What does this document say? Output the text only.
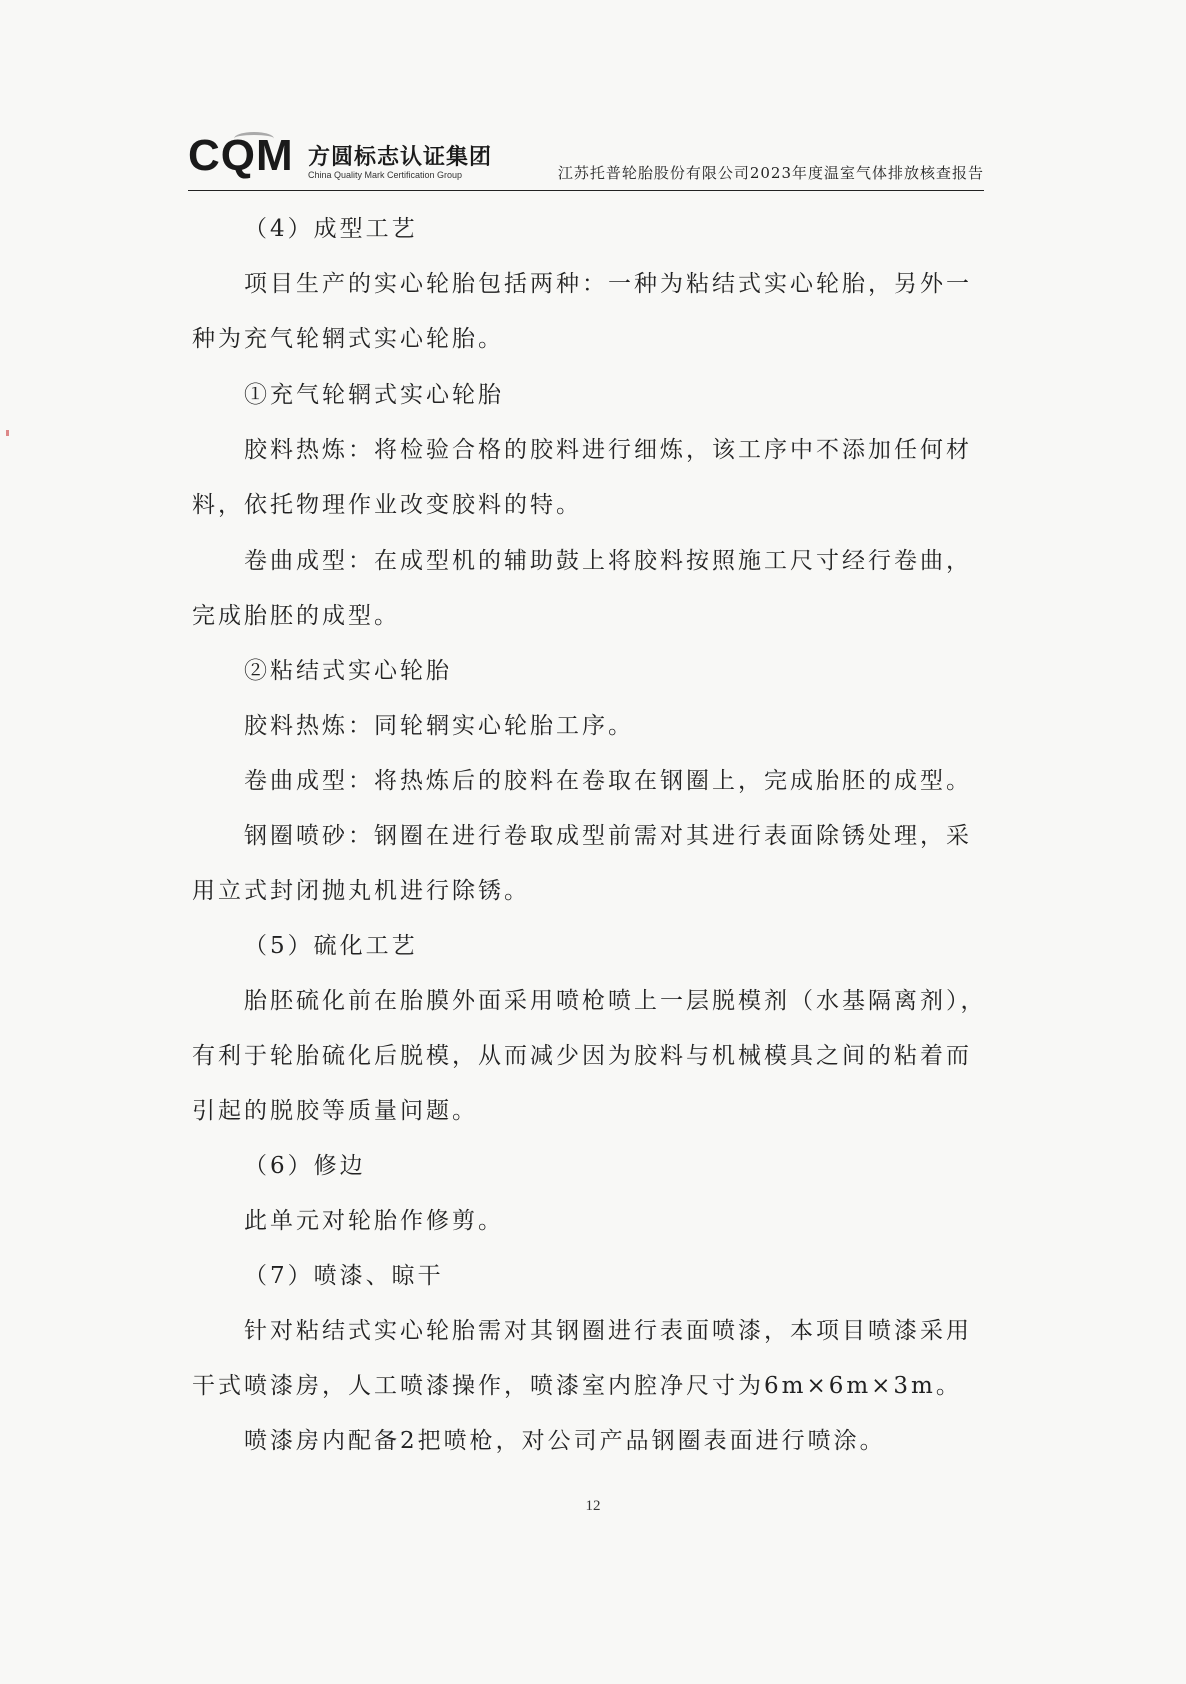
CQM 方圆标志认证集团
China Quality Mark Certification Group	江苏托普轮胎股份有限公司2023年度温室气体排放核查报告
（4）成型工艺
项目生产的实心轮胎包括两种：一种为粘结式实心轮胎，另外一
种为充气轮辋式实心轮胎。
①充气轮辋式实心轮胎
胶料热炼：将检验合格的胶料进行细炼，该工序中不添加任何材
料，依托物理作业改变胶料的特。
卷曲成型：在成型机的辅助鼓上将胶料按照施工尺寸经行卷曲，
完成胎胚的成型。
②粘结式实心轮胎
胶料热炼：同轮辋实心轮胎工序。
卷曲成型：将热炼后的胶料在卷取在钢圈上，完成胎胚的成型。
钢圈喷砂：钢圈在进行卷取成型前需对其进行表面除锈处理，采
用立式封闭抛丸机进行除锈。
（5）硫化工艺
胎胚硫化前在胎膜外面采用喷枪喷上一层脱模剂（水基隔离剂），
有利于轮胎硫化后脱模，从而减少因为胶料与机械模具之间的粘着而
引起的脱胶等质量问题。
（6）修边
此单元对轮胎作修剪。
（7）喷漆、晾干
针对粘结式实心轮胎需对其钢圈进行表面喷漆，本项目喷漆采用
干式喷漆房，人工喷漆操作，喷漆室内腔净尺寸为6m×6m×3m。
喷漆房内配备2把喷枪，对公司产品钢圈表面进行喷涂。
12
